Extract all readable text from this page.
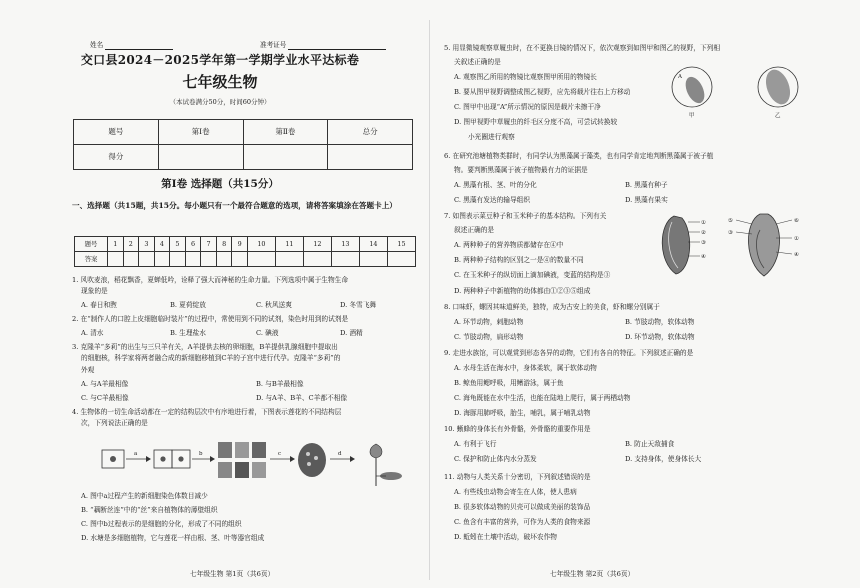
姓名	准考证号
交口县2024－2025学年第一学期学业水平达标卷
七年级生物
（本试卷满分50分，时间60分钟）
题号	第Ⅰ卷	第Ⅱ卷	总分
得分			
第Ⅰ卷 选择题（共15分）
一、选择题（共15题，共15分。每小题只有一个最符合题意的选项，请将答案填涂在答题卡上）
题号	1	2	3	4	5	6	7	8	9	10	11	12	13	14	15
答案															
1. 风吹麦浪，稻花飘香，夏蝉低吟，诠释了强大而神秘的生命力量。下列选项中属于生物生命
现象的是
A. 春日和煦	B. 夏荷绽放	C. 秋风送爽	D. 冬雪飞舞
2. 在“制作人的口腔上皮细胞临时装片”的过程中，常使用到不同的试剂，染色时用到的试剂是
A. 清水	B. 生理盐水	C. 碘液	D. 酒精
3. 克隆羊“多莉”的出生与三只羊有关，A羊提供去核的卵细胞，B羊提供乳腺细胞中提取出
的细胞核，科学家将两者融合成的新细胞移植到C羊的子宫中进行代孕。克隆羊“多莉”的
外观
A. 与A羊最相像	B. 与B羊最相像
C. 与C羊最相像	D. 与A羊、B羊、C羊都不相像
4. 生物体的一切生命活动都在一定的结构层次中有序地进行着，下图表示莲花的不同结构层
次，下列说法正确的是
a	b	c	d
A. 图中a过程产生的新细胞染色体数目减少
B. “藕断丝连”中的“丝”来自植物体的薄壁组织
C. 图中b过程表示的是细胞的分化，形成了不同的组织
D. 水塘是多细胞植物，它与莲花一样由根、茎、叶等器官组成
七年级生物 第1页（共6页）
5. 用显微镜观察草履虫时，在不更换目镜的情况下，依次观察到如图甲和图乙的视野，下列相
关叙述正确的是
A. 观察图乙所用的物镜比观察图甲所用的物镜长
B. 要从图甲视野调整成图乙视野，应先将载片往右上方移动
C. 图甲中出现“A”所示情况的原因是载片未擦干净
D. 图甲视野中草履虫的纤毛区分度不高，可尝试转换较
小光圈进行观察
A
甲	乙
6. 在研究池塘植物类群时，有同学认为黑藻属于藻类，也有同学肯定地判断黑藻属于被子植
物。要判断黑藻属于被子植物最有力的证据是
A. 黑藻有根、茎、叶的分化	B. 黑藻有种子
C. 黑藻有发达的输导组织	D. 黑藻有果实
7. 如图表示菜豆种子和玉米种子的基本结构。下列有关
叙述正确的是
A. 两种种子的营养物质都储存在④中
B. 两种种子结构的区别之一是④的数量不同
C. 在玉米种子的纵切面上滴加碘液，变蓝的结构是③
D. 两种种子中新植物的幼体都由①②③⑤组成
①
②
③
④
⑤
③
⑥
①
④
8. 口味虾，螺因其味道鲜美，独特，成为古安上的美食，虾和螺分别属于
A. 环节动物，刺胞动物	B. 节肢动物，软体动物
C. 节肢动物，扁形动物	D. 环节动物，软体动物
9. 走进水族馆，可以观赏到形态各异的动物，它们有各自的特征。下列叙述正确的是
A. 水母生活在海水中，身体柔软，属于软体动物
B. 鲸鱼用鳃呼吸，用鳍游泳，属于鱼
C. 海龟既能在水中生活，也能在陆地上爬行，属于两栖动物
D. 海豚用肺呼吸，胎生，哺乳，属于哺乳动物
10. 蜥蜂的身体长有外骨骼，外骨骼的重要作用是
A. 有利于飞行	B. 防止天敌捕食
C. 保护和防止体内水分蒸发	D. 支持身体，使身体长大
11. 动物与人类关系十分密切，下列叙述错误的是
A. 有些线虫动物会寄生在人体，使人患病
B. 很多软体动物的贝壳可以做成美丽的装饰品
C. 鱼含有丰富的营养，可作为人类的食物来源
D. 蚯蚓在土壤中活动，破坏农作物
七年级生物 第2页（共6页）
